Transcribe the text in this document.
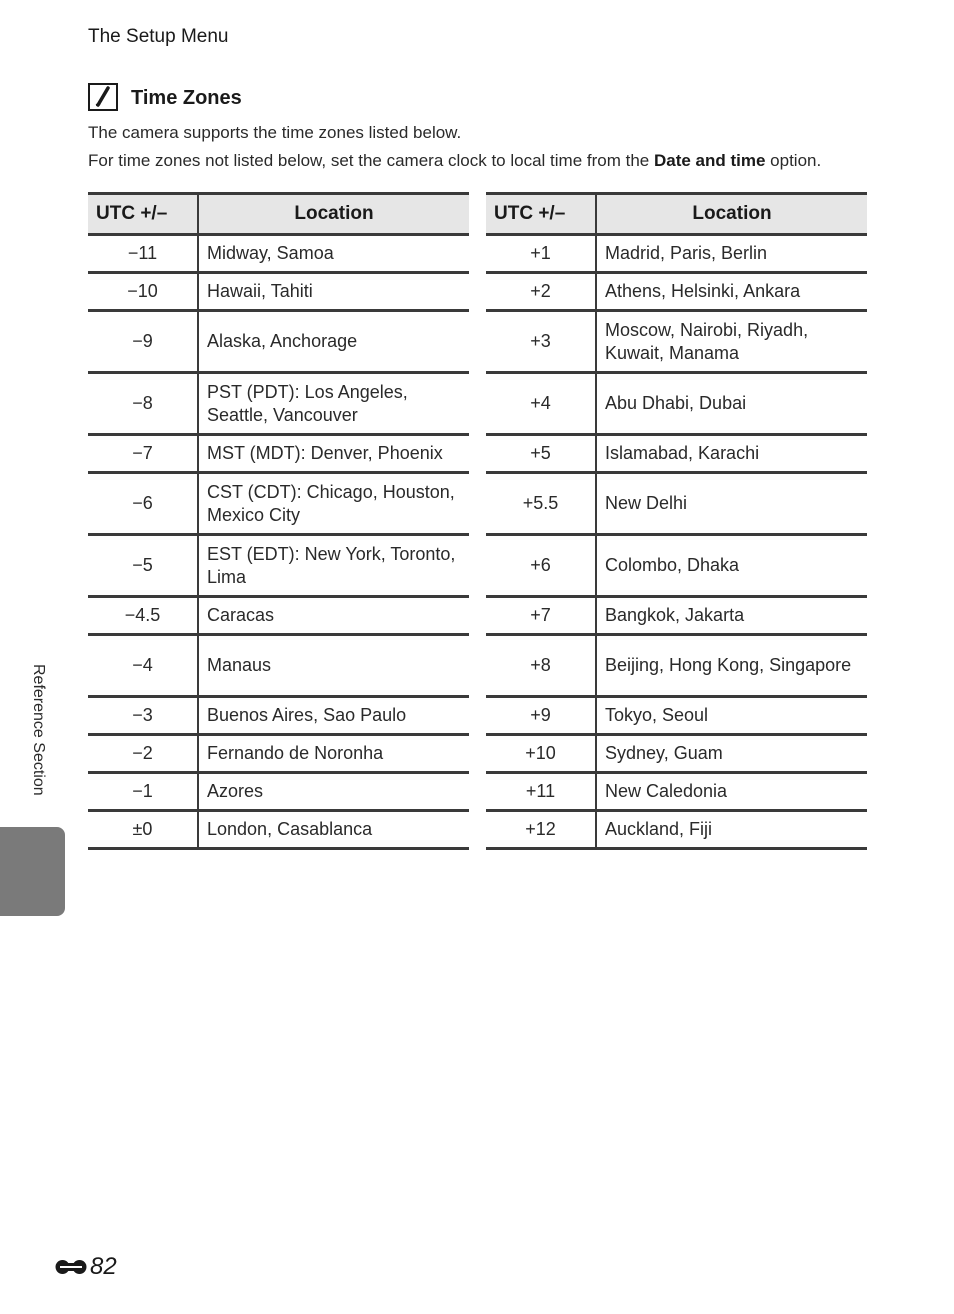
The Setup Menu
Time Zones
The camera supports the time zones listed below.
For time zones not listed below, set the camera clock to local time from the Date and time option.
UTC +/–	Location
−11	Midway, Samoa
−10	Hawaii, Tahiti
−9	Alaska, Anchorage
−8	PST (PDT): Los Angeles, Seattle, Vancouver
−7	MST (MDT): Denver, Phoenix
−6	CST (CDT): Chicago, Houston, Mexico City
−5	EST (EDT): New York, Toronto, Lima
−4.5	Caracas
−4	Manaus
−3	Buenos Aires, Sao Paulo
−2	Fernando de Noronha
−1	Azores
±0	London, Casablanca
UTC +/–	Location
+1	Madrid, Paris, Berlin
+2	Athens, Helsinki, Ankara
+3	Moscow, Nairobi, Riyadh, Kuwait, Manama
+4	Abu Dhabi, Dubai
+5	Islamabad, Karachi
+5.5	New Delhi
+6	Colombo, Dhaka
+7	Bangkok, Jakarta
+8	Beijing, Hong Kong, Singapore
+9	Tokyo, Seoul
+10	Sydney, Guam
+11	New Caledonia
+12	Auckland, Fiji
Reference Section
82
